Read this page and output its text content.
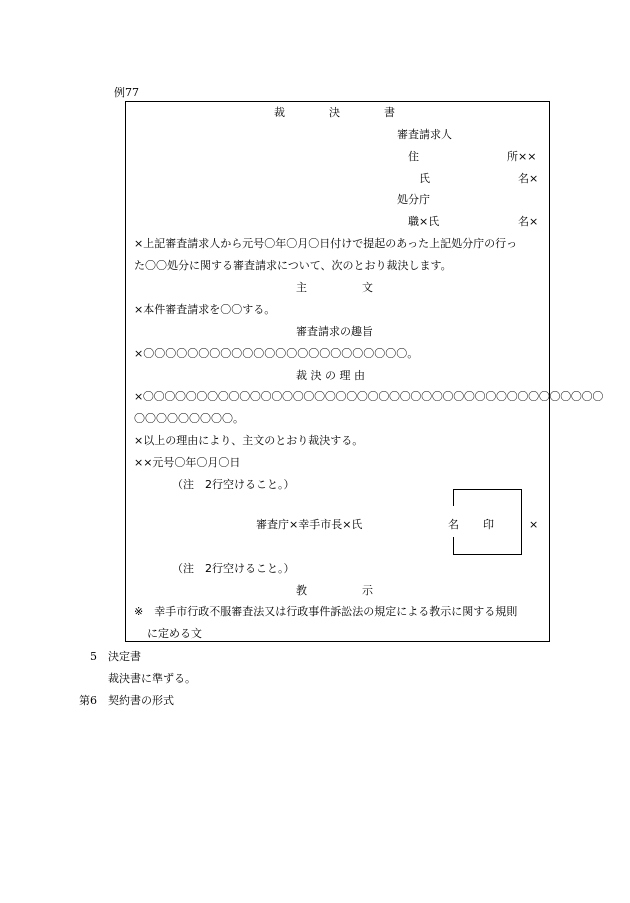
例77
裁　　　　決　　　　書
審査請求人
住	所××
氏	名×
処分庁
職×氏	名×
×上記審査請求人から元号〇年〇月〇日付けで提起のあった上記処分庁の行っ
た〇〇処分に関する審査請求について、次のとおり裁決します。
主　　　　　文
×本件審査請求を〇〇する。
審査請求の趣旨
×〇〇〇〇〇〇〇〇〇〇〇〇〇〇〇〇〇〇〇〇〇〇〇〇。
裁 決 の 理 由
×〇〇〇〇〇〇〇〇〇〇〇〇〇〇〇〇〇〇〇〇〇〇〇〇〇〇〇〇〇〇〇〇〇〇〇〇〇〇〇〇〇〇〇
〇〇〇〇〇〇〇〇〇。
×以上の理由により、主文のとおり裁決する。
××元号〇年〇月〇日
（注　2行空けること。）
審査庁×幸手市長×氏	名 印	×
（注　2行空けること。）
教　　　　　示
※　幸手市行政不服審査法又は行政事件訴訟法の規定による教示に関する規則
に定める文
5 決定書
裁決書に準ずる。
第6　契約書の形式
